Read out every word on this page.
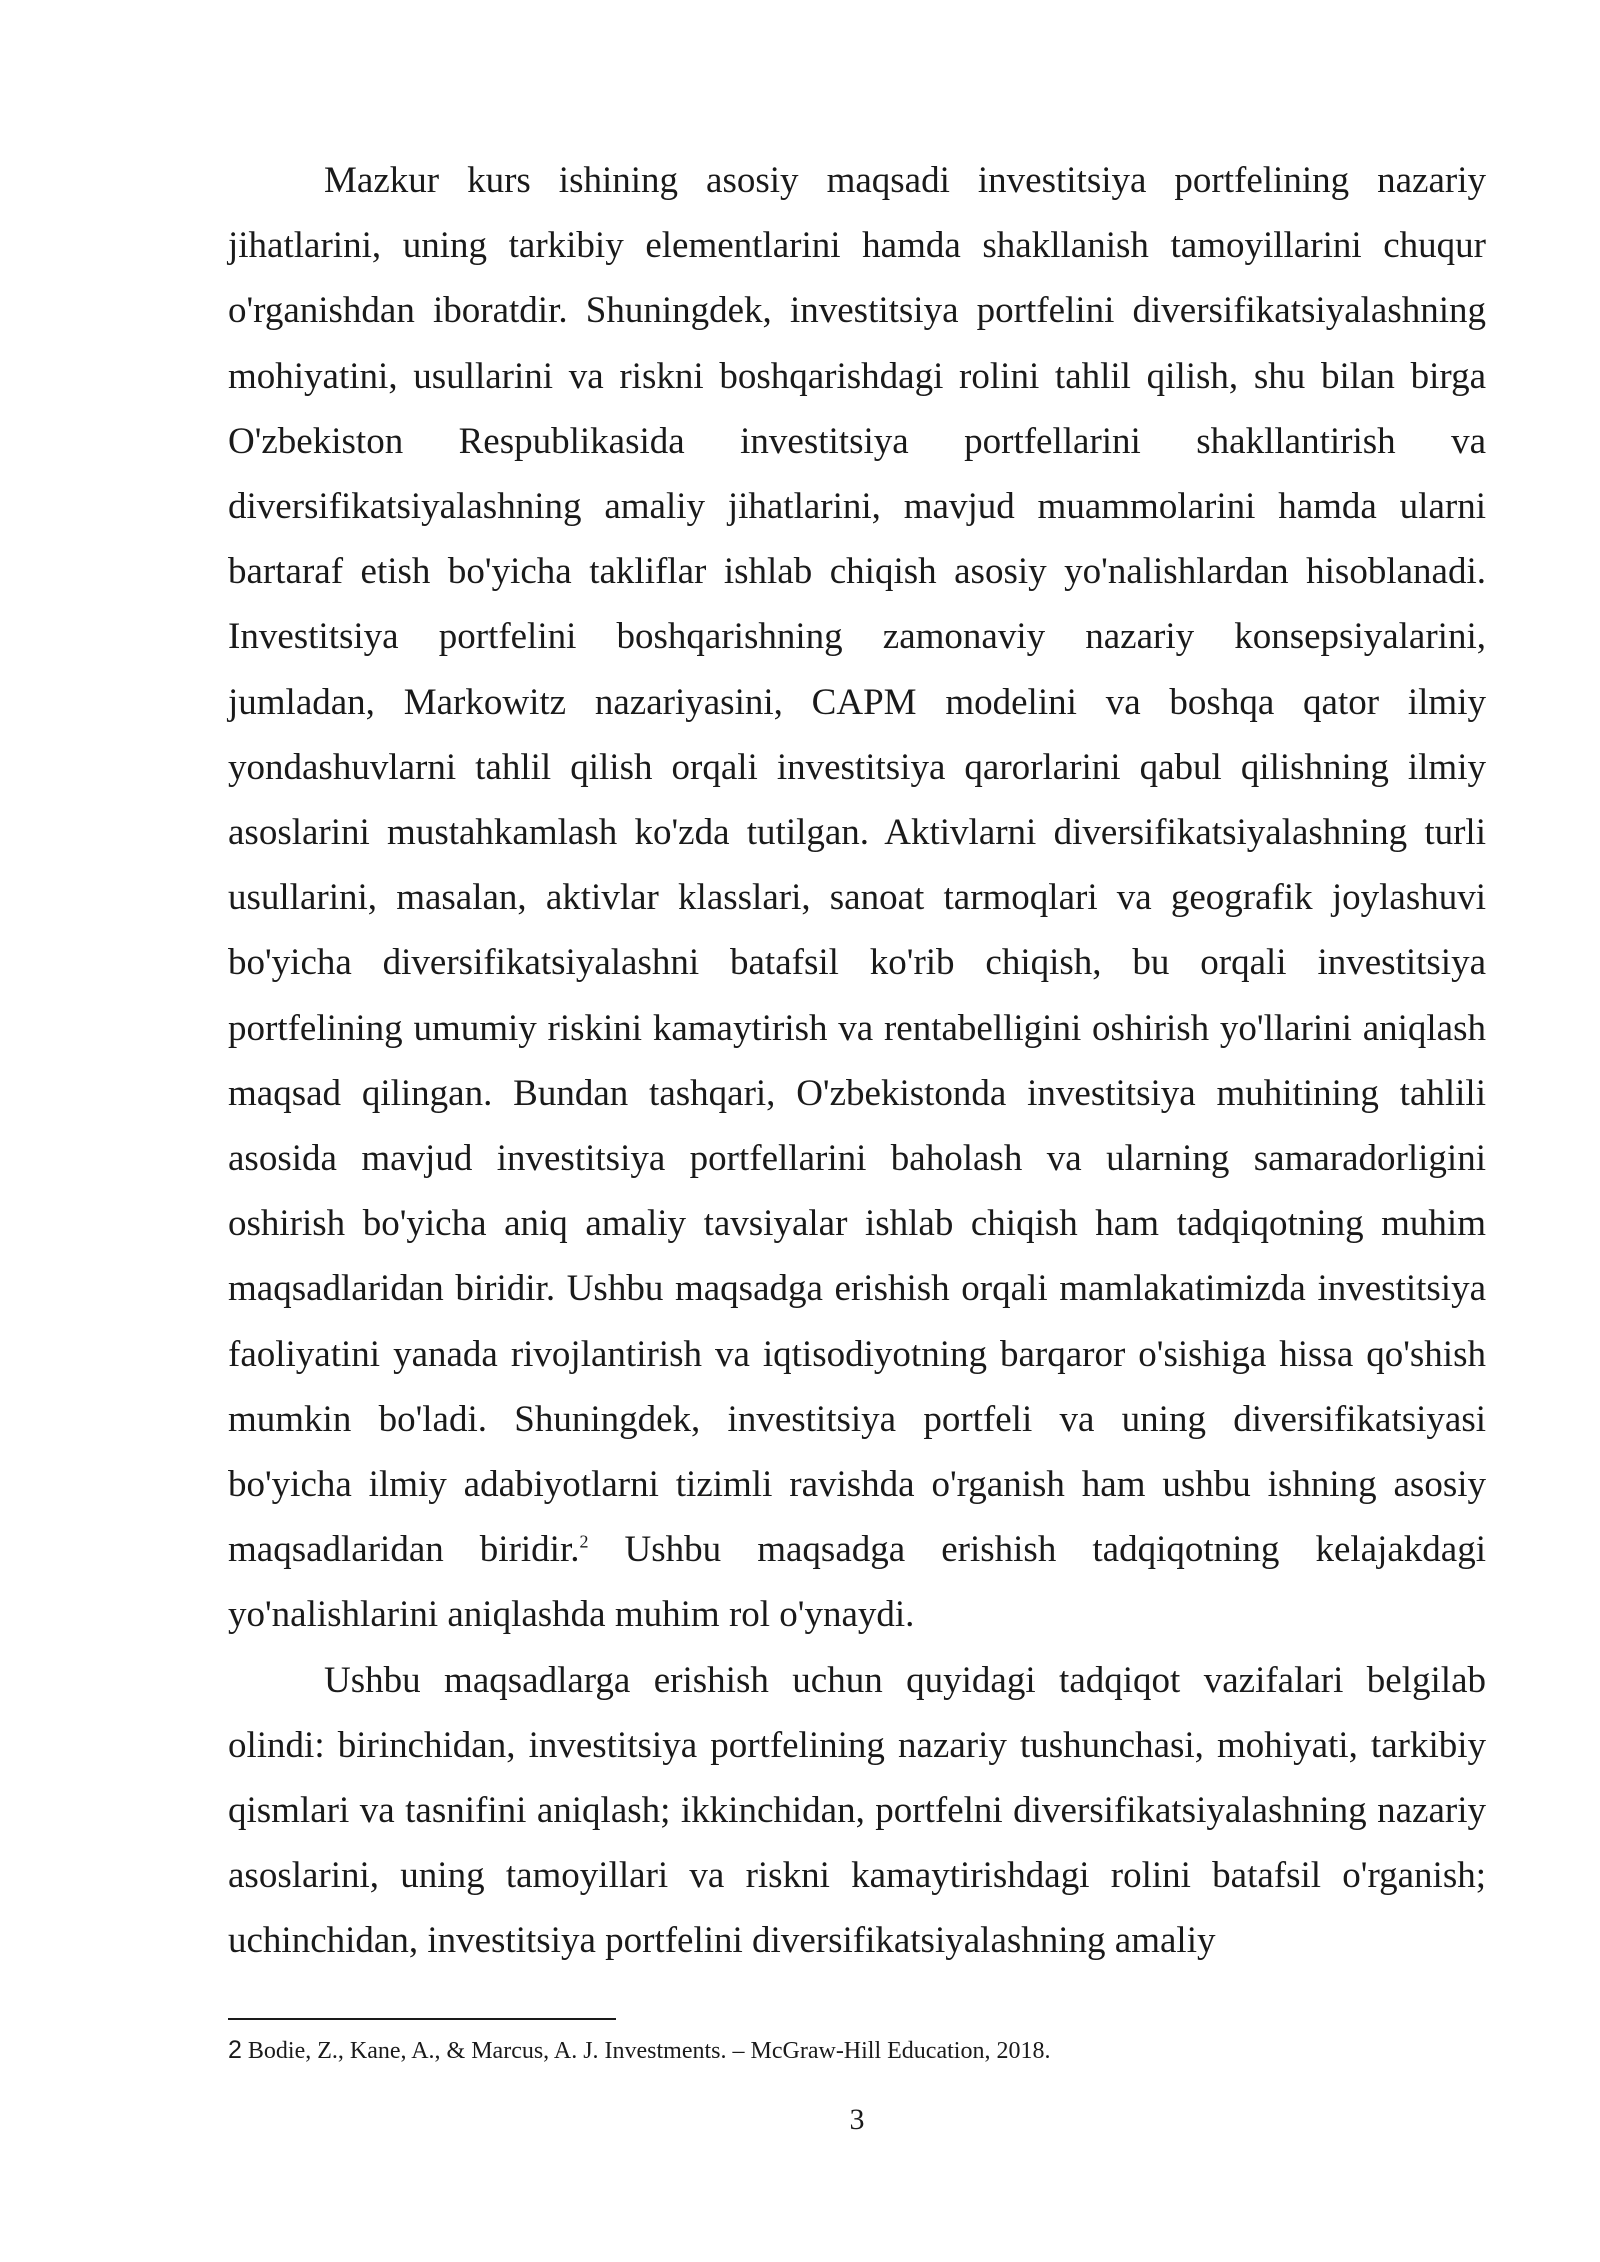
Mazkur kurs ishining asosiy maqsadi investitsiya portfelining nazariy jihatlarini, uning tarkibiy elementlarini hamda shakllanish tamoyillarini chuqur o'rganishdan iboratdir. Shuningdek, investitsiya portfelini diversifikatsiyalashning mohiyatini, usullarini va riskni boshqarishdagi rolini tahlil qilish, shu bilan birga O'zbekiston Respublikasida investitsiya portfellarini shakllantirish va diversifikatsiyalashning amaliy jihatlarini, mavjud muammolarini hamda ularni bartaraf etish bo'yicha takliflar ishlab chiqish asosiy yo'nalishlardan hisoblanadi. Investitsiya portfelini boshqarishning zamonaviy nazariy konsepsiyalarini, jumladan, Markowitz nazariyasini, CAPM modelini va boshqa qator ilmiy yondashuvlarni tahlil qilish orqali investitsiya qarorlarini qabul qilishning ilmiy asoslarini mustahkamlash ko'zda tutilgan. Aktivlarni diversifikatsiyalashning turli usullarini, masalan, aktivlar klasslari, sanoat tarmoqlari va geografik joylashuvi bo'yicha diversifikatsiyalashni batafsil ko'rib chiqish, bu orqali investitsiya portfelining umumiy riskini kamaytirish va rentabelligini oshirish yo'llarini aniqlash maqsad qilingan. Bundan tashqari, O'zbekistonda investitsiya muhitining tahlili asosida mavjud investitsiya portfellarini baholash va ularning samaradorligini oshirish bo'yicha aniq amaliy tavsiyalar ishlab chiqish ham tadqiqotning muhim maqsadlaridan biridir. Ushbu maqsadga erishish orqali mamlakatimizda investitsiya faoliyatini yanada rivojlantirish va iqtisodiyotning barqaror o'sishiga hissa qo'shish mumkin bo'ladi. Shuningdek, investitsiya portfeli va uning diversifikatsiyasi bo'yicha ilmiy adabiyotlarni tizimli ravishda o'rganish ham ushbu ishning asosiy maqsadlaridan biridir.$^2$ Ushbu maqsadga erishish tadqiqotning kelajakdagi yo'nalishlarini aniqlashda muhim rol o'ynaydi.

Ushbu maqsadlarga erishish uchun quyidagi tadqiqot vazifalari belgilab olindi: birinchidan, investitsiya portfelining nazariy tushunchasi, mohiyati, tarkibiy qismlari va tasnifini aniqlash; ikkinchidan, portfelni diversifikatsiyalashning nazariy asoslarini, uning tamoyillari va riskni kamaytirishdagi rolini batafsil o'rganish; uchinchidan, investitsiya portfelini diversifikatsiyalashning amaliy

2 Bodie, Z., Kane, A., & Marcus, A. J. Investments. – McGraw-Hill Education, 2018.
3
